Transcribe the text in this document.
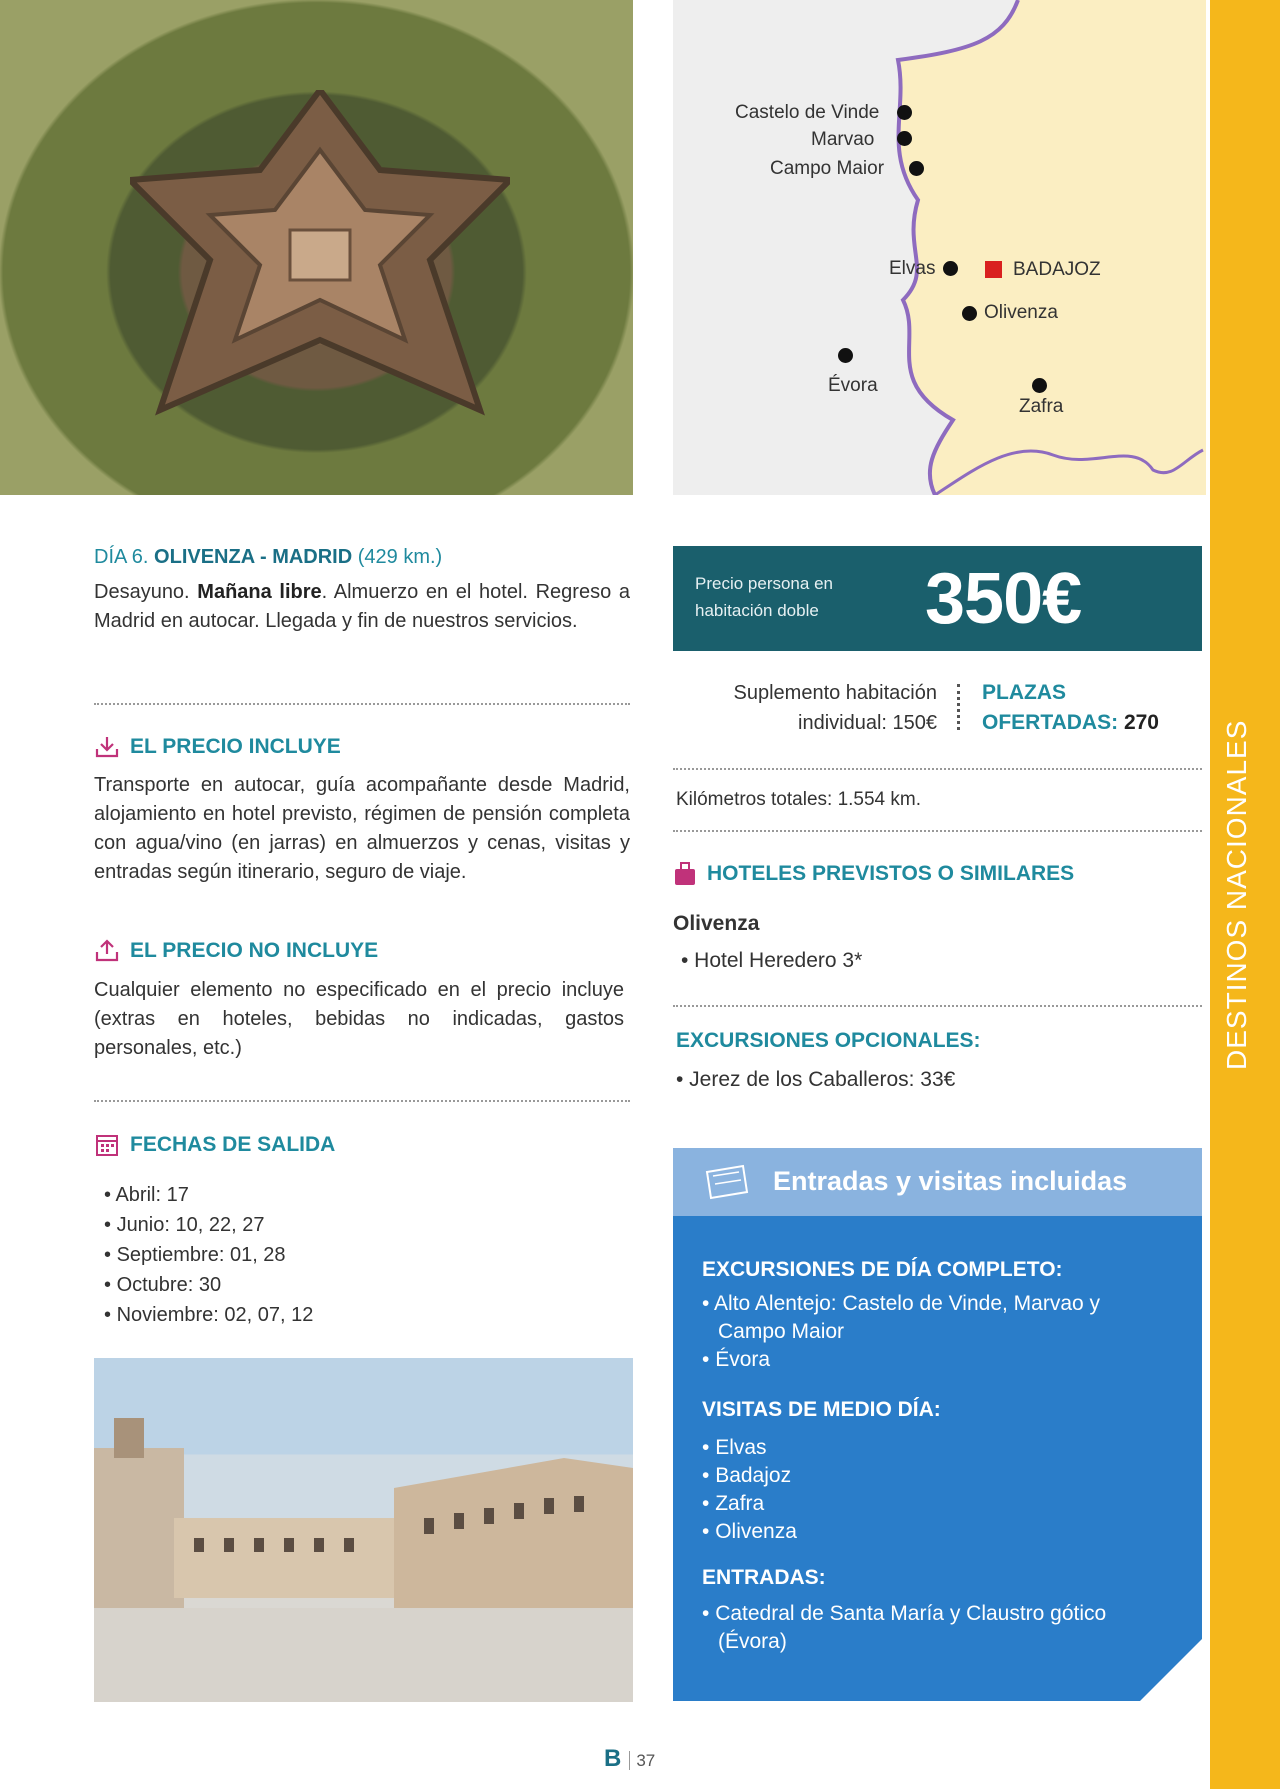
Castelo de Vinde
Marvao
Campo Maior
Elvas	BADAJOZ
Olivenza
Évora
Zafra
DESTINOS NACIONALES
DÍA 6. OLIVENZA - MADRID (429 km.)
Desayuno. Mañana libre. Almuerzo en el hotel. Regreso a Madrid en autocar. Llegada y fin de nuestros servicios.
EL PRECIO INCLUYE
Transporte en autocar, guía acompañante desde Madrid, alojamiento en hotel previsto, régimen de pensión completa con agua/vino (en jarras) en almuerzos y cenas, visitas y entradas según itinerario, seguro de viaje.
EL PRECIO NO INCLUYE
Cualquier elemento no especificado en el precio incluye (extras en hoteles, bebidas no indicadas, gastos personales, etc.)
FECHAS DE SALIDA
• Abril: 17
• Junio: 10, 22, 27
• Septiembre: 01, 28
• Octubre: 30
• Noviembre: 02, 07, 12
B 37
Precio persona en habitación doble	350€
Suplemento habitación
individual: 150€
PLAZAS
OFERTADAS: 270
Kilómetros totales: 1.554 km.
HOTELES PREVISTOS O SIMILARES
Olivenza
• Hotel Heredero 3*
EXCURSIONES OPCIONALES:
• Jerez de los Caballeros: 33€
Entradas y visitas incluidas
EXCURSIONES DE DÍA COMPLETO:
• Alto Alentejo: Castelo de Vinde, Marvao y Campo Maior
• Évora
VISITAS DE MEDIO DÍA:
• Elvas
• Badajoz
• Zafra
• Olivenza
ENTRADAS:
• Catedral de Santa María y Claustro gótico (Évora)
